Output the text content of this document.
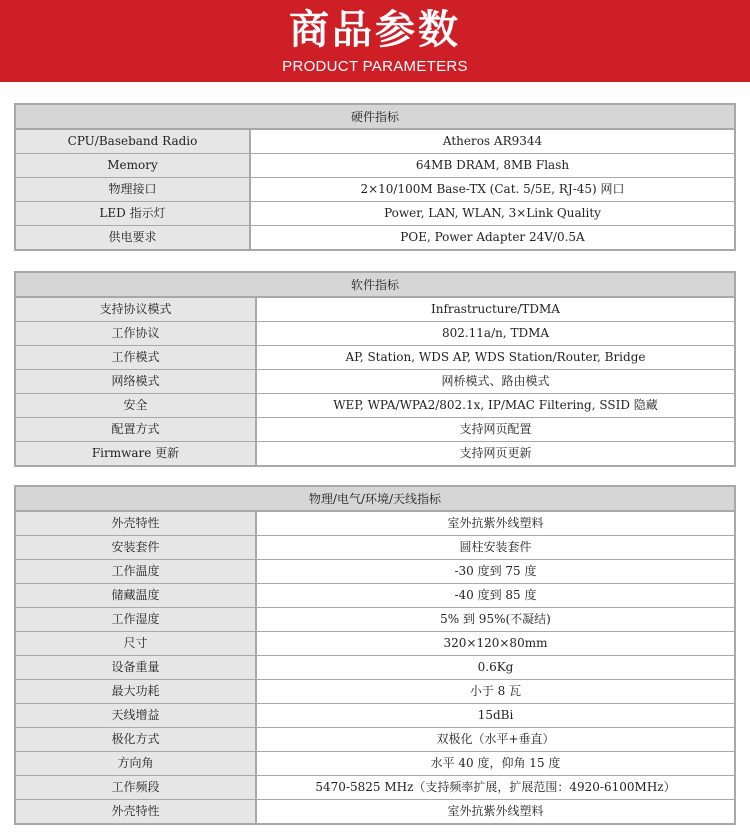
商品参数
PRODUCT PARAMETERS
硬件指标
CPU/Baseband Radio	Atheros AR9344
Memory	64MB DRAM, 8MB Flash
物理接口	2×10/100M Base-TX (Cat. 5/5E, RJ-45) 网口
LED 指示灯	Power, LAN, WLAN, 3×Link Quality
供电要求	POE, Power Adapter 24V/0.5A
软件指标
支持协议模式	Infrastructure/TDMA
工作协议	802.11a/n, TDMA
工作模式	AP, Station, WDS AP, WDS Station/Router, Bridge
网络模式	网桥模式、路由模式
安全	WEP, WPA/WPA2/802.1x, IP/MAC Filtering, SSID 隐藏
配置方式	支持网页配置
Firmware 更新	支持网页更新
物理/电气/环境/天线指标
外壳特性	室外抗紫外线塑料
安装套件	圆柱安装套件
工作温度	-30 度到 75 度
储藏温度	-40 度到 85 度
工作湿度	5% 到 95%(不凝结)
尺寸	320×120×80mm
设备重量	0.6Kg
最大功耗	小于 8 瓦
天线增益	15dBi
极化方式	双极化（水平+垂直）
方向角	水平 40 度，仰角 15 度
工作频段	5470-5825 MHz（支持频率扩展，扩展范围：4920-6100MHz）
外壳特性	室外抗紫外线塑料
